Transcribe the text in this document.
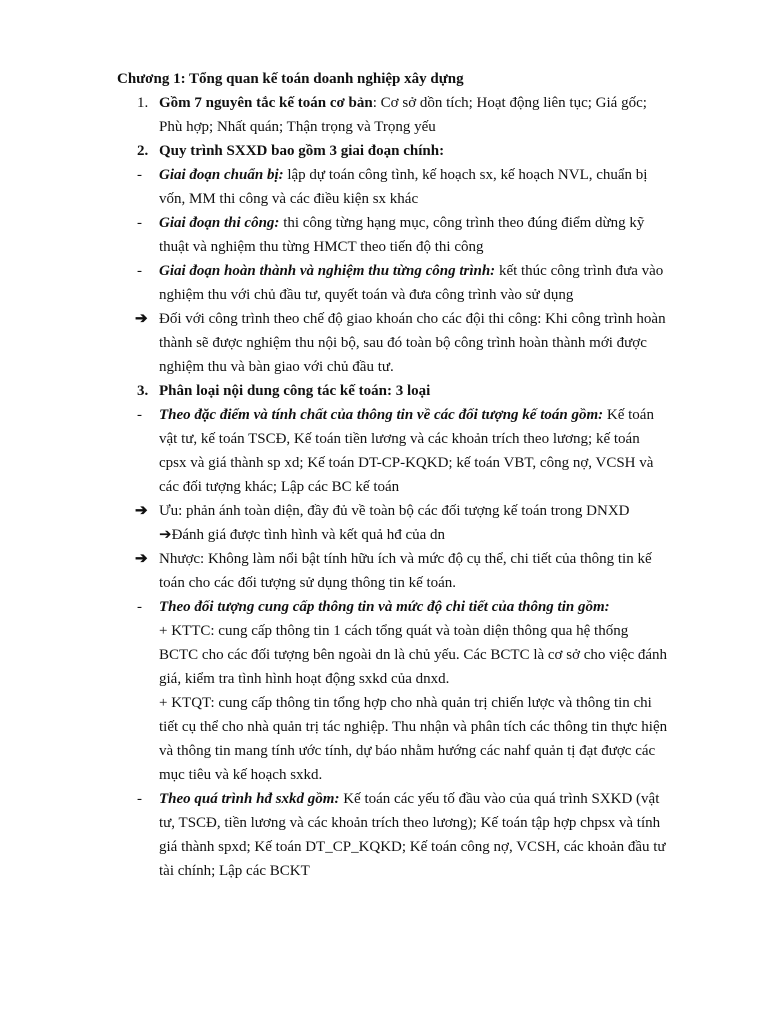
Chương 1: Tổng quan kế toán doanh nghiệp xây dựng

1. Gồm 7 nguyên tắc kế toán cơ bản: Cơ sở dồn tích; Hoạt động liên tục; Giá gốc; Phù hợp; Nhất quán; Thận trọng và Trọng yếu

2. Quy trình SXXD bao gồm 3 giai đoạn chính:

- Giai đoạn chuẩn bị: lập dự toán công tình, kế hoạch sx, kế hoạch NVL, chuẩn bị vốn, MM thi công và các điều kiện sx khác

- Giai đoạn thi công: thi công từng hạng mục, công trình theo đúng điểm dừng kỹ thuật và nghiệm thu từng HMCT theo tiến độ thi công

- Giai đoạn hoàn thành và nghiệm thu từng công trình: kết thúc công trình đưa vào nghiệm thu với chủ đầu tư, quyết toán và đưa công trình vào sử dụng

➔ Đối với công trình theo chế độ giao khoán cho các đội thi công: Khi công trình hoàn thành sẽ được nghiệm thu nội bộ, sau đó toàn bộ công trình hoàn thành mới được nghiệm thu và bàn giao với chủ đầu tư.

3. Phân loại nội dung công tác kế toán: 3 loại

- Theo đặc điểm và tính chất của thông tin về các đối tượng kế toán gồm: Kế toán vật tư, kế toán TSCĐ, Kế toán tiền lương và các khoản trích theo lương; kế toán cpsx và giá thành sp xd; Kế toán DT-CP-KQKD; kế toán VBT, công nợ, VCSH và các đối tượng khác; Lập các BC kế toán

➔ Ưu: phản ánh toàn diện, đầy đủ về toàn bộ các đối tượng kế toán trong DNXD
➔Đánh giá được tình hình và kết quả hđ của dn

➔ Nhược: Không làm nổi bật tính hữu ích và mức độ cụ thể, chi tiết của thông tin kế toán cho các đối tượng sử dụng thông tin kế toán.

- Theo đối tượng cung cấp thông tin và mức độ chi tiết của thông tin gồm:

+ KTTC: cung cấp thông tin 1 cách tổng quát và toàn diện thông qua hệ thống BCTC cho các đối tượng bên ngoài dn là chủ yếu. Các BCTC là cơ sở cho việc đánh giá, kiểm tra tình hình hoạt động sxkd của dnxd.

+ KTQT: cung cấp thông tin tổng hợp cho nhà quản trị chiến lược và thông tin chi tiết cụ thể cho nhà quản trị tác nghiệp. Thu nhận và phân tích các thông tin thực hiện và thông tin mang tính ước tính, dự báo nhằm hướng các nahf quản tị đạt được các mục tiêu và kế hoạch sxkd.

- Theo quá trình hđ sxkd gồm: Kế toán các yếu tố đầu vào của quá trình SXKD (vật tư, TSCĐ, tiền lương và các khoản trích theo lương); Kế toán tập hợp chpsx và tính giá thành spxd; Kế toán DT_CP_KQKD; Kế toán công nợ, VCSH, các khoản đầu tư tài chính; Lập các BCKT
